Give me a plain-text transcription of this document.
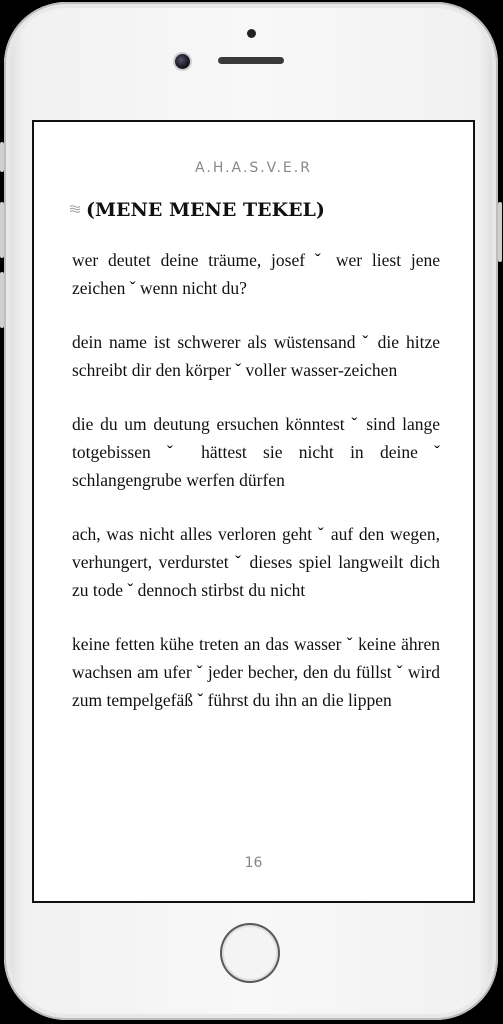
A.H.A.S.V.E.R
(MENE MENE TEKEL)

wer deutet deine träume, josef ˇ wer liest jene zeichen ˇ wenn nicht du?

dein name ist schwerer als wüstensand ˇ die hitze schreibt dir den körper ˇ voller wasser-zeichen

die du um deutung ersuchen könntest ˇ sind lange totgebissen ˇ hättest sie nicht in deine ˇ schlangengrube werfen dürfen

ach, was nicht alles verloren geht ˇ auf den wegen, verhungert, verdurstet ˇ dieses spiel langweilt dich zu tode ˇ dennoch stirbst du nicht

keine fetten kühe treten an das wasser ˇ keine ähren wachsen am ufer ˇ jeder becher, den du füllst ˇ wird zum tempelgefäß ˇ führst du ihn an die lippen

16
